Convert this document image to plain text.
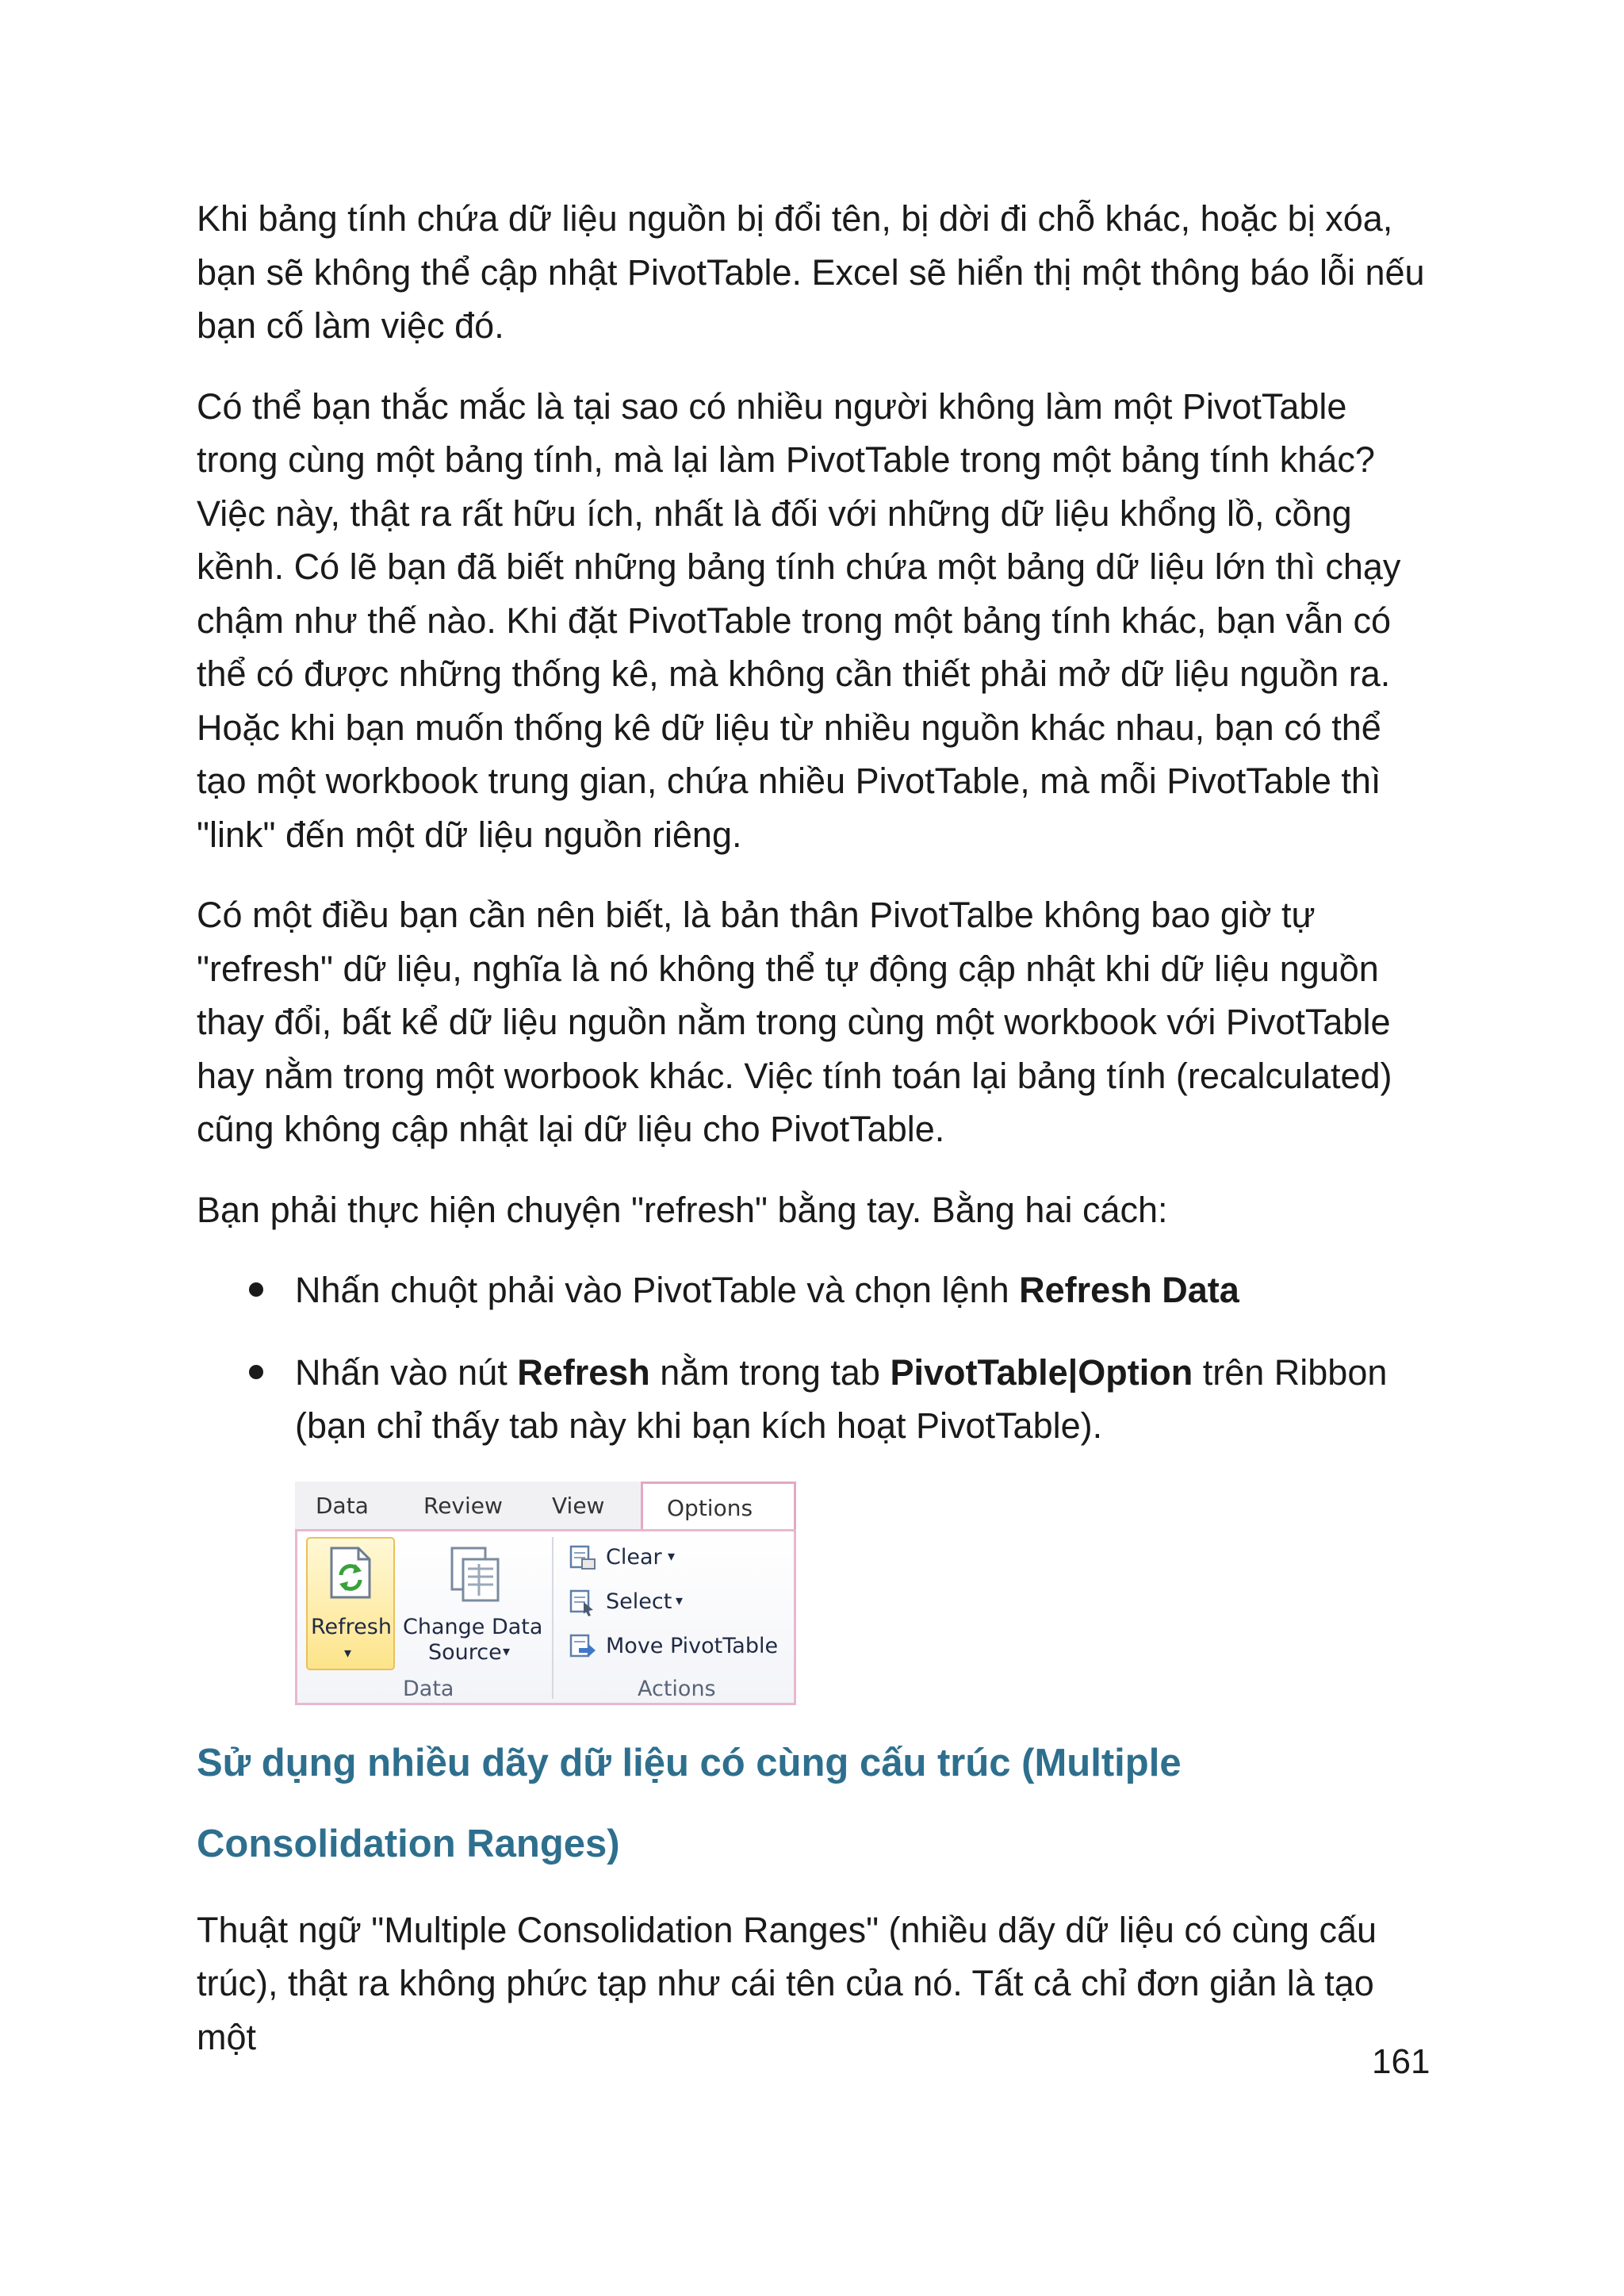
Khi bảng tính chứa dữ liệu nguồn bị đổi tên, bị dời đi chỗ khác, hoặc bị xóa, bạn sẽ không thể cập nhật PivotTable. Excel sẽ hiển thị một thông báo lỗi nếu bạn cố làm việc đó.

Có thể bạn thắc mắc là tại sao có nhiều người không làm một PivotTable trong cùng một bảng tính, mà lại làm PivotTable trong một bảng tính khác? Việc này, thật ra rất hữu ích, nhất là đối với những dữ liệu khổng lồ, cồng kềnh. Có lẽ bạn đã biết những bảng tính chứa một bảng dữ liệu lớn thì chạy chậm như thế nào. Khi đặt PivotTable trong một bảng tính khác, bạn vẫn có thể có được những thống kê, mà không cần thiết phải mở dữ liệu nguồn ra. Hoặc khi bạn muốn thống kê dữ liệu từ nhiều nguồn khác nhau, bạn có thể tạo một workbook trung gian, chứa nhiều PivotTable, mà mỗi PivotTable thì "link" đến một dữ liệu nguồn riêng.

Có một điều bạn cần nên biết, là bản thân PivotTalbe không bao giờ tự "refresh" dữ liệu, nghĩa là nó không thể tự động cập nhật khi dữ liệu nguồn thay đổi, bất kể dữ liệu nguồn nằm trong cùng một workbook với PivotTable hay nằm trong một worbook khác. Việc tính toán lại bảng tính (recalculated) cũng không cập nhật lại dữ liệu cho PivotTable.

Bạn phải thực hiện chuyện "refresh" bằng tay. Bằng hai cách:

Nhấn chuột phải vào PivotTable và chọn lệnh Refresh Data
Nhấn vào nút Refresh nằm trong tab PivotTable|Option trên Ribbon (bạn chỉ thấy tab này khi bạn kích hoạt PivotTable).
Data Review View	Options
Refresh
▾
Change Data
Source ▾
Data
Clear ▾
Select ▾
Move PivotTable
Actions
Sử dụng nhiều dãy dữ liệu có cùng cấu trúc (Multiple Consolidation Ranges)

Thuật ngữ "Multiple Consolidation Ranges" (nhiều dãy dữ liệu có cùng cấu trúc), thật ra không phức tạp như cái tên của nó. Tất cả chỉ đơn giản là tạo một

161
